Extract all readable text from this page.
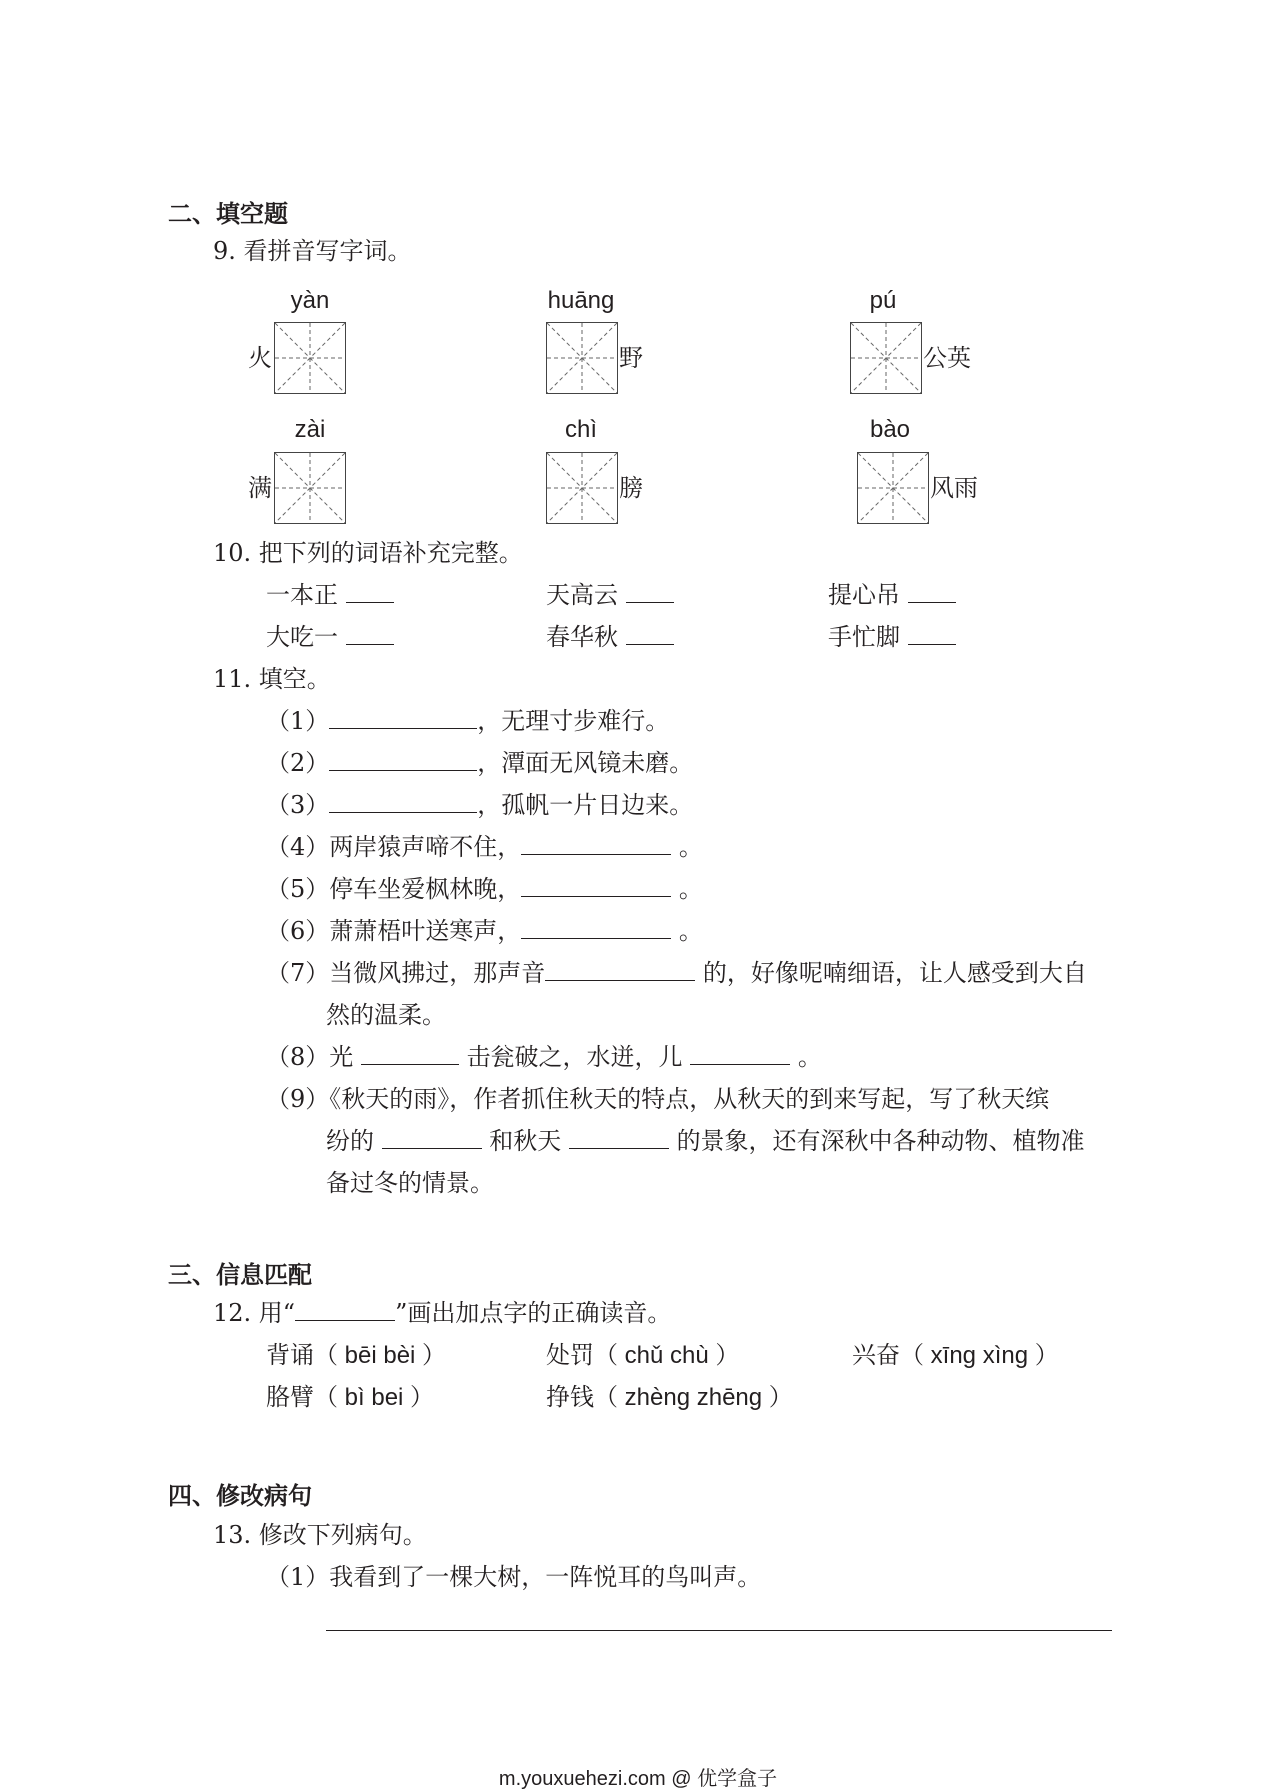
二、填空题
9. 看拼音写字词。
yàn
火
huāng
野
pú
公英
zài
满
chì
膀
bào
风雨
10. 把下列的词语补充完整。
一本正	天高云	提心吊
大吃一	春华秋	手忙脚
11. 填空。
（1）	，无理寸步难行。
（2）	，潭面无风镜未磨。
（3）	，孤帆一片日边来。
（4）两岸猿声啼不住，	。
（5）停车坐爱枫林晚，	。
（6）萧萧梧叶送寒声，	。
（7）当微风拂过，那声音	的，好像呢喃细语，让人感受到大自
然的温柔。
（8）光	击瓮破之，水迸，儿	。
（9）《秋天的雨》，作者抓住秋天的特点，从秋天的到来写起，写了秋天缤
纷的	和秋天	的景象，还有深秋中各种动物、植物准
备过冬的情景。
三、信息匹配
12. 用“	”画出加点字的正确读音。
背诵（ bēi bèi ）	处罚（ chǔ chù ）	兴奋（ xīng xìng ）
胳臂（ bì bei ）	挣钱（ zhèng zhēng ）
四、修改病句
13. 修改下列病句。
（1）我看到了一棵大树，一阵悦耳的鸟叫声。
m.youxuehezi.com @ 优学盒子
